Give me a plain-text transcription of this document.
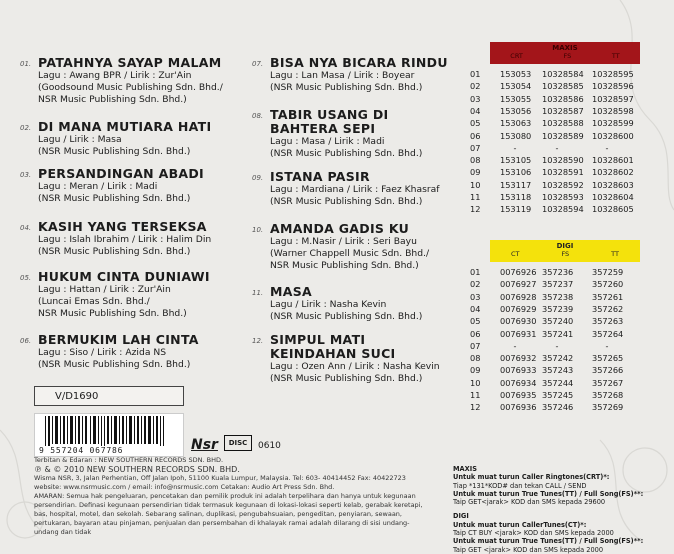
01. PATAHNYA SAYAP MALAM
Lagu : Awang BPR / Lirik : Zur'Ain
(Goodsound Music Publishing Sdn. Bhd./
NSR Music Publishing Sdn. Bhd.)
02. DI MANA MUTIARA HATI
Lagu / Lirik : Masa
(NSR Music Publishing Sdn. Bhd.)
03. PERSANDINGAN ABADI
Lagu : Meran / Lirik : Madi
(NSR Music Publishing Sdn. Bhd.)
04. KASIH YANG TERSEKSA
Lagu : Islah Ibrahim / Lirik : Halim Din
(NSR Music Publishing Sdn. Bhd.)
05. HUKUM CINTA DUNIAWI
Lagu : Hattan / Lirik : Zur'Ain
(Luncai Emas Sdn. Bhd./
NSR Music Publishing Sdn. Bhd.)
06. BERMUKIM LAH CINTA
Lagu : Siso / Lirik : Azida NS
(NSR Music Publishing Sdn. Bhd.)
07. BISA NYA BICARA RINDU
Lagu : Lan Masa / Lirik : Boyear
(NSR Music Publishing Sdn. Bhd.)
08. TABIR USANG DI
BAHTERA SEPI
Lagu : Masa / Lirik : Madi
(NSR Music Publishing Sdn. Bhd.)
09. ISTANA PASIR
Lagu : Mardiana / Lirik : Faez Khasraf
(NSR Music Publishing Sdn. Bhd.)
10. AMANDA GADIS KU
Lagu : M.Nasir / Lirik : Seri Bayu
(Warner Chappell Music Sdn. Bhd./
NSR Music Publishing Sdn. Bhd.)
11. MASA
Lagu / Lirik : Nasha Kevin
(NSR Music Publishing Sdn. Bhd.)
12. SIMPUL MATI
KEINDAHAN SUCI
Lagu : Ozen Ann / Lirik : Nasha Kevin
(NSR Music Publishing Sdn. Bhd.)
V/D1690
9 557204 067786	Nsr	DISC	0610
Terbitan & Edaran : NEW SOUTHERN RECORDS SDN. BHD.
℗ & © 2010 NEW SOUTHERN RECORDS SDN. BHD.
Wisma NSR, 3, Jalan Perhentian, Off Jalan Ipoh, 51100 Kuala Lumpur, Malaysia. Tel: 603- 40414452 Fax: 40422723
website: www.nsrmusic.com / email: info@nsrmusic.com Cetakan: Audio Art Press Sdn. Bhd.
AMARAN: Semua hak pengeluaran, pencetakan dan pemilik produk ini adalah terpelihara dan hanya untuk kegunaan persendirian. Definasi kegunaan persendirian tidak termasuk kegunaan di lokasi-lokasi seperti kelab, gerabak keretapi, bas, hospital, motel, dan sekolah. Sebarang salinan, duplikasi, pengubahsuaian, pengeditan, penyiaran, sewaan, pertukaran, bayaran atau pinjaman, penjualan dan persembahan di khalayak ramai adalah dilarang di sisi undang-undang dan tidak
MAXIS
CRT	FS	TT
01 153053 10328584 10328595
02 153054 10328585 10328596
03 153055 10328586 10328597
04 153056 10328587 10328598
05 153063 10328588 10328599
06 153080 10328589 10328600
07	-	-	-
08 153105 10328590 10328601
09 153106 10328591 10328602
10 153117 10328592 10328603
11 153118 10328593 10328604
12 153119 10328594 10328605
DIGI
CT	FS	TT
01 0076926 357236 357259
02 0076927 357237 357260
03 0076928 357238 357261
04 0076929 357239 357262
05 0076930 357240 357263
06 0076931 357241 357264
07	-	-	-
08 0076932 357242 357265
09 0076933 357243 357266
10 0076934 357244 357267
11 0076935 357245 357268
12 0076936 357246 357269
MAXIS
Untuk muat turun Caller Ringtones(CRT)*:
Tiap *131*KOD# dan tekan CALL / SEND
Untuk muat turun True Tunes(TT) / Full Song(FS)**:
Taip GET<jarak> KOD dan SMS kepada 29600
DIGI
Untuk muat turun CallerTunes(CT)*:
Taip CT BUY <jarak> KOD dan SMS kepada 2000
Untuk muat turun True Tunes(TT) / Full Song(FS)**:
Taip GET <jarak> KOD dan SMS kepada 2000
